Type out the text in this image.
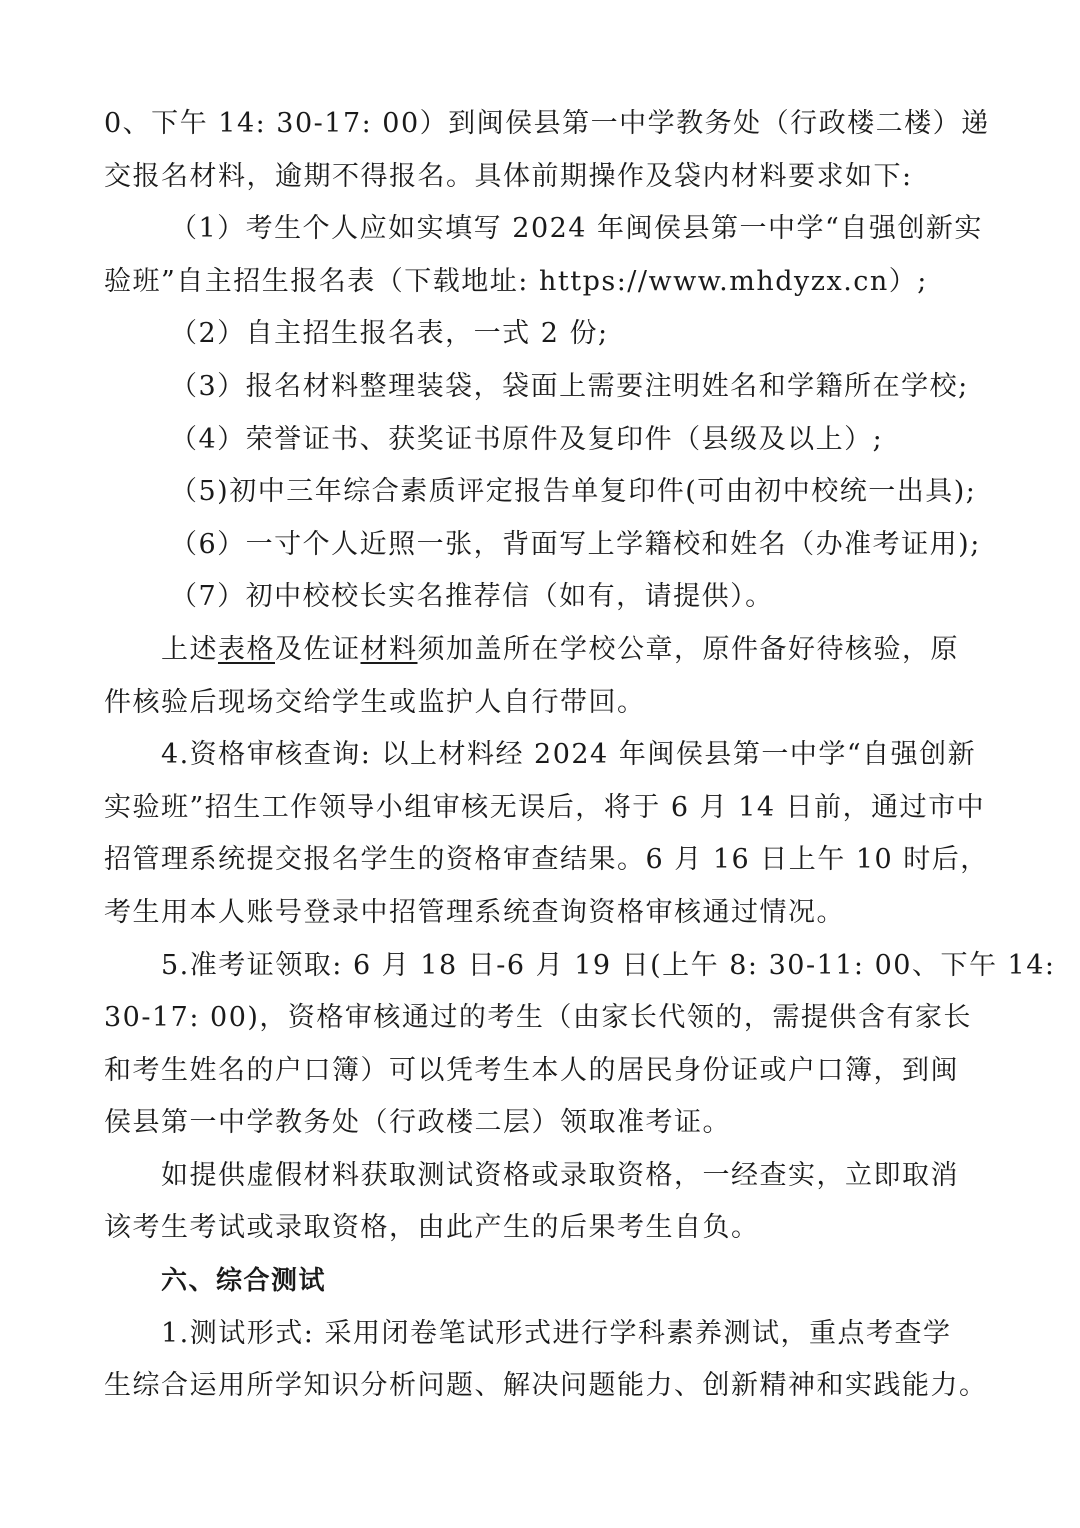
0、下午 14: 30-17: 00）到闽侯县第一中学教务处（行政楼二楼）递
交报名材料，逾期不得报名。具体前期操作及袋内材料要求如下:
（1）考生个人应如实填写 2024 年闽侯县第一中学“自强创新实
验班”自主招生报名表（下载地址: https://www.mhdyzx.cn）;
（2）自主招生报名表，一式 2 份;
（3）报名材料整理装袋，袋面上需要注明姓名和学籍所在学校;
（4）荣誉证书、获奖证书原件及复印件（县级及以上）;
（5)初中三年综合素质评定报告单复印件(可由初中校统一出具);
（6）一寸个人近照一张，背面写上学籍校和姓名（办准考证用);
（7）初中校校长实名推荐信（如有，请提供）。
上述表格及佐证材料须加盖所在学校公章，原件备好待核验，原
件核验后现场交给学生或监护人自行带回。
4.资格审核查询: 以上材料经 2024 年闽侯县第一中学“自强创新
实验班”招生工作领导小组审核无误后，将于 6 月 14 日前，通过市中
招管理系统提交报名学生的资格审查结果。6 月 16 日上午 10 时后，
考生用本人账号登录中招管理系统查询资格审核通过情况。
5.准考证领取: 6 月 18 日-6 月 19 日(上午 8: 30-11: 00、下午 14:
30-17: 00)，资格审核通过的考生（由家长代领的，需提供含有家长
和考生姓名的户口簿）可以凭考生本人的居民身份证或户口簿，到闽
侯县第一中学教务处（行政楼二层）领取准考证。
如提供虚假材料获取测试资格或录取资格，一经查实，立即取消
该考生考试或录取资格，由此产生的后果考生自负。
六、综合测试
1.测试形式: 采用闭卷笔试形式进行学科素养测试，重点考查学
生综合运用所学知识分析问题、解决问题能力、创新精神和实践能力。
